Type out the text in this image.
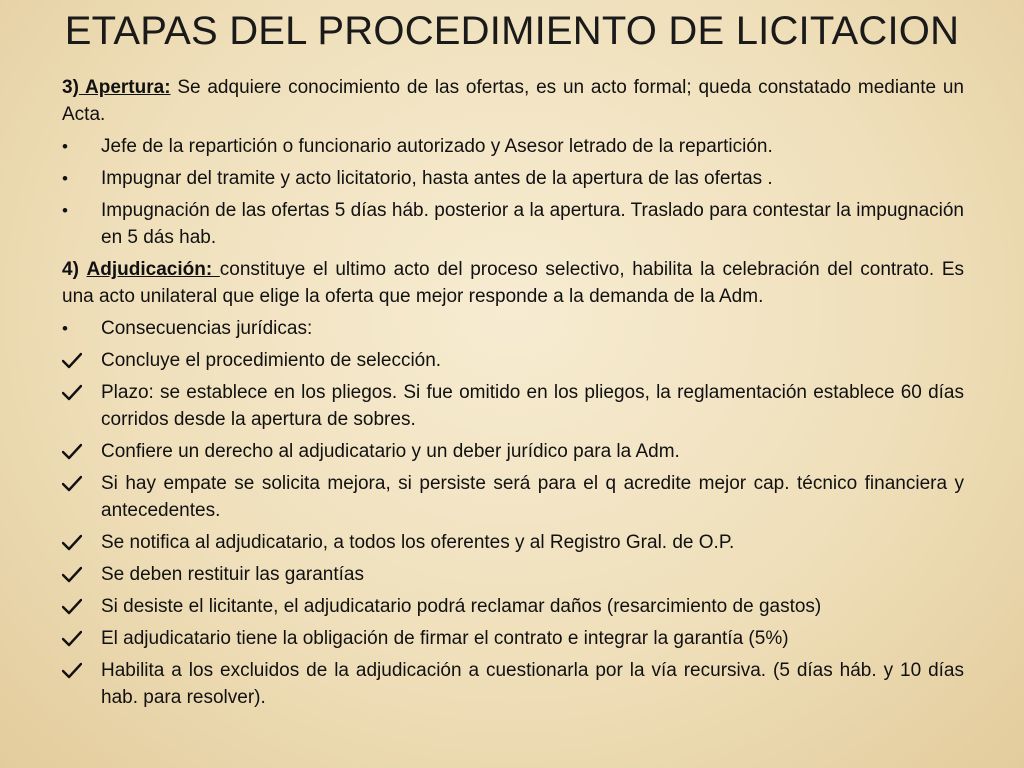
ETAPAS DEL PROCEDIMIENTO DE LICITACION

3) Apertura: Se adquiere conocimiento de las ofertas, es un acto formal; queda constatado mediante un Acta.

•	Jefe de la repartición o funcionario autorizado y Asesor letrado de la repartición.
•	Impugnar del tramite y acto licitatorio, hasta antes de la apertura de las ofertas .
•	Impugnación de las ofertas 5 días háb. posterior a la apertura. Traslado para contestar la impugnación en 5 dás hab.

4) Adjudicación: constituye el ultimo acto del proceso selectivo, habilita la celebración del contrato. Es una acto unilateral que elige la oferta que mejor responde a la demanda de la Adm.

•	Consecuencias jurídicas:
Concluye el procedimiento de selección.
Plazo: se establece en los pliegos. Si fue omitido en los pliegos, la reglamentación establece 60 días corridos desde la apertura de sobres.
Confiere un derecho al adjudicatario y un deber jurídico para la Adm.
Si hay empate se solicita mejora, si persiste será para el q acredite mejor cap. técnico financiera y antecedentes.
Se notifica al adjudicatario, a todos los oferentes y al Registro Gral. de O.P.
Se deben restituir las garantías
Si desiste el licitante, el adjudicatario podrá reclamar daños (resarcimiento de gastos)
El adjudicatario tiene la obligación de firmar el contrato e integrar la garantía (5%)
Habilita a los excluidos de la adjudicación a cuestionarla por la vía recursiva. (5 días háb. y 10 días hab. para resolver).
